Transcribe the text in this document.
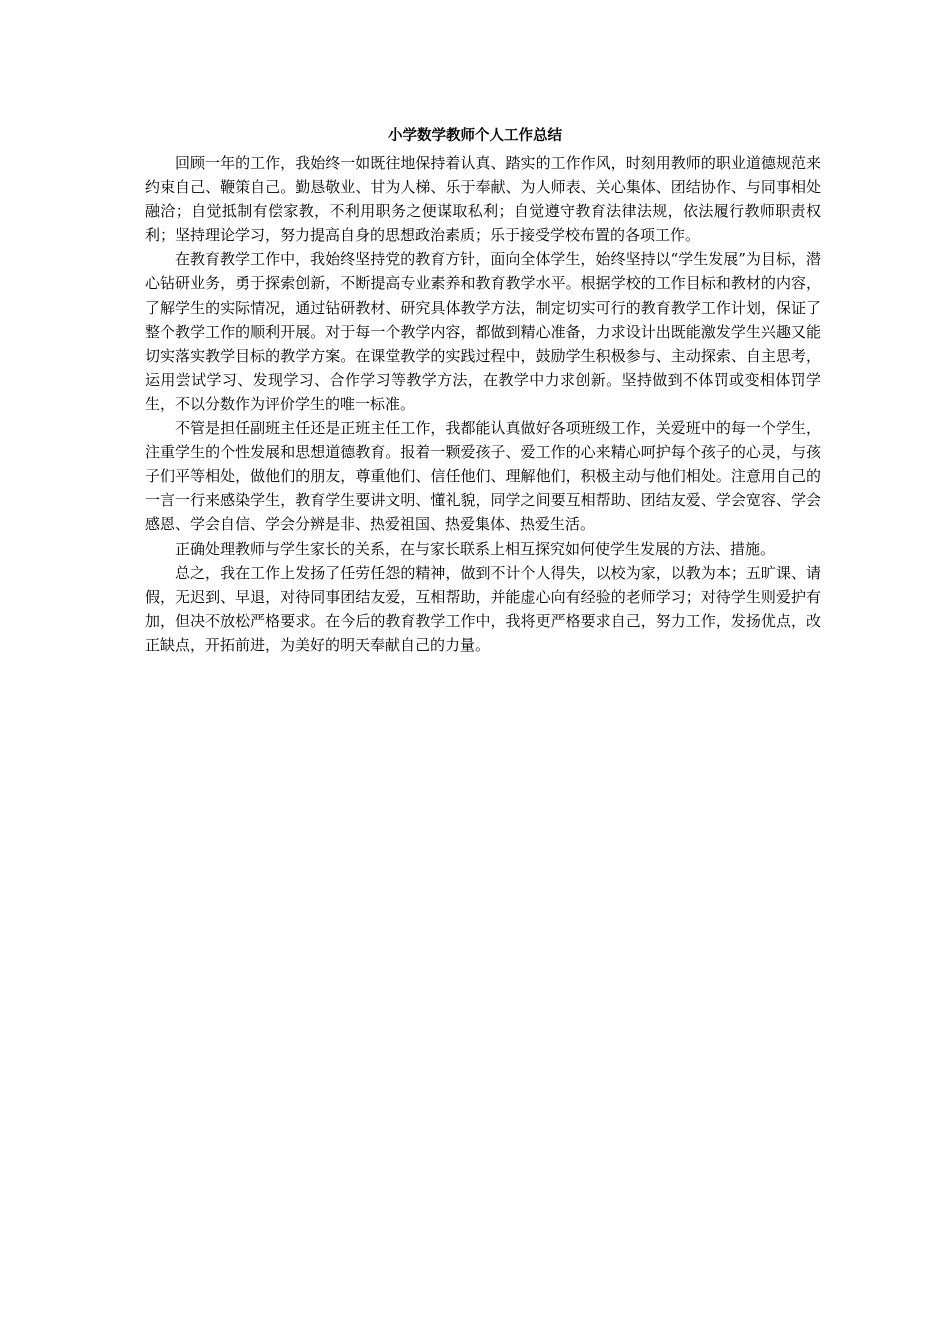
小学数学教师个人工作总结

回顾一年的工作，我始终一如既往地保持着认真、踏实的工作作风，时刻用教师的职业道德规范来约束自己、鞭策自己。勤恳敬业、甘为人梯、乐于奉献、为人师表、关心集体、团结协作、与同事相处融洽；自觉抵制有偿家教，不利用职务之便谋取私利；自觉遵守教育法律法规，依法履行教师职责权利；坚持理论学习，努力提高自身的思想政治素质；乐于接受学校布置的各项工作。

在教育教学工作中，我始终坚持党的教育方针，面向全体学生，始终坚持以“学生发展”为目标，潜心钻研业务，勇于探索创新，不断提高专业素养和教育教学水平。根据学校的工作目标和教材的内容，了解学生的实际情况，通过钻研教材、研究具体教学方法，制定切实可行的教育教学工作计划，保证了整个教学工作的顺利开展。对于每一个教学内容，都做到精心准备，力求设计出既能激发学生兴趣又能切实落实教学目标的教学方案。在课堂教学的实践过程中，鼓励学生积极参与、主动探索、自主思考，运用尝试学习、发现学习、合作学习等教学方法，在教学中力求创新。坚持做到不体罚或变相体罚学生，不以分数作为评价学生的唯一标准。

不管是担任副班主任还是正班主任工作，我都能认真做好各项班级工作，关爱班中的每一个学生，注重学生的个性发展和思想道德教育。报着一颗爱孩子、爱工作的心来精心呵护每个孩子的心灵，与孩子们平等相处，做他们的朋友，尊重他们、信任他们、理解他们，积极主动与他们相处。注意用自己的一言一行来感染学生，教育学生要讲文明、懂礼貌，同学之间要互相帮助、团结友爱、学会宽容、学会感恩、学会自信、学会分辨是非、热爱祖国、热爱集体、热爱生活。

正确处理教师与学生家长的关系，在与家长联系上相互探究如何使学生发展的方法、措施。

总之，我在工作上发扬了任劳任怨的精神，做到不计个人得失，以校为家，以教为本；五旷课、请假，无迟到、早退，对待同事团结友爱，互相帮助，并能虚心向有经验的老师学习；对待学生则爱护有加，但决不放松严格要求。在今后的教育教学工作中，我将更严格要求自己，努力工作，发扬优点，改正缺点，开拓前进，为美好的明天奉献自己的力量。
